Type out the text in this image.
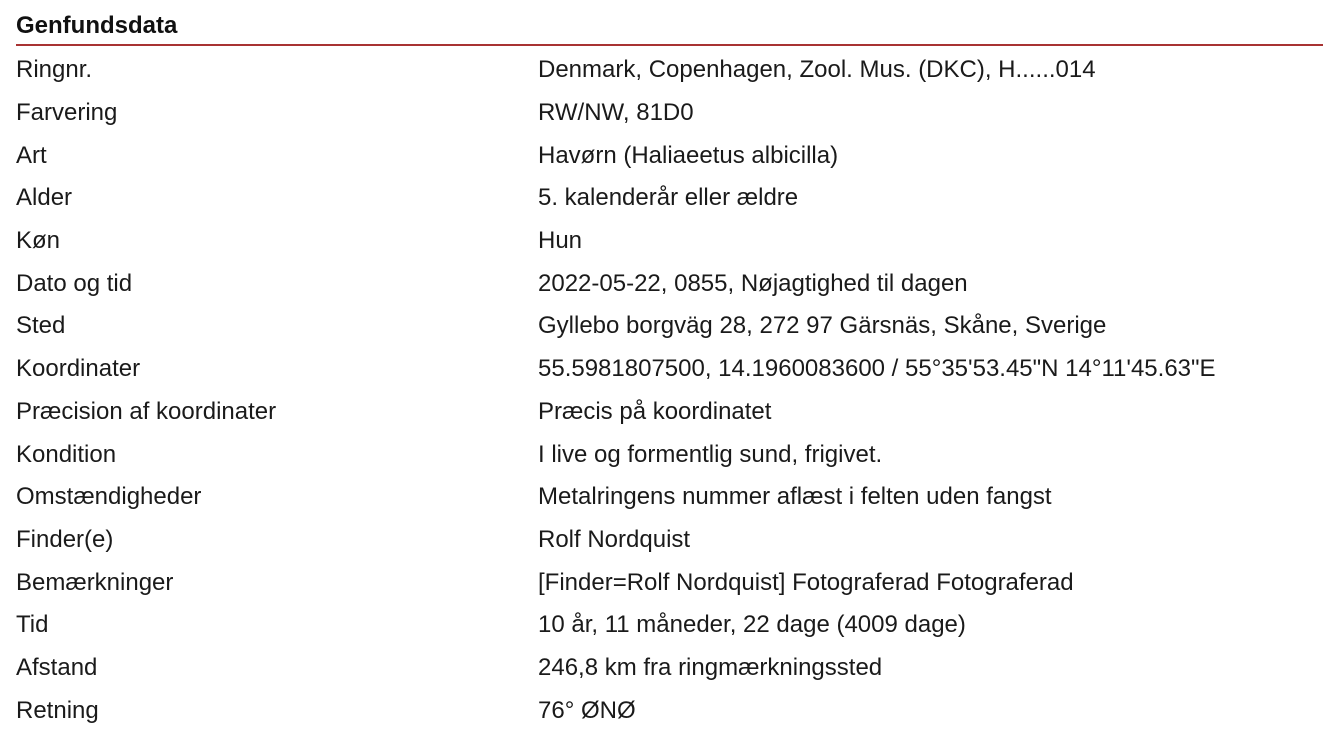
Genfundsdata
Ringnr.	Denmark, Copenhagen, Zool. Mus. (DKC), H......014
Farvering	RW/NW, 81D0
Art	Havørn (Haliaeetus albicilla)
Alder	5. kalenderår eller ældre
Køn	Hun
Dato og tid	2022-05-22, 0855, Nøjagtighed til dagen
Sted	Gyllebo borgväg 28, 272 97 Gärsnäs, Skåne, Sverige
Koordinater	55.5981807500, 14.1960083600 / 55°35'53.45"N 14°11'45.63"E
Præcision af koordinater	Præcis på koordinatet
Kondition	I live og formentlig sund, frigivet.
Omstændigheder	Metalringens nummer aflæst i felten uden fangst
Finder(e)	Rolf Nordquist
Bemærkninger	[Finder=Rolf Nordquist] Fotograferad Fotograferad
Tid	10 år, 11 måneder, 22 dage (4009 dage)
Afstand	246,8 km fra ringmærkningssted
Retning	76° ØNØ
